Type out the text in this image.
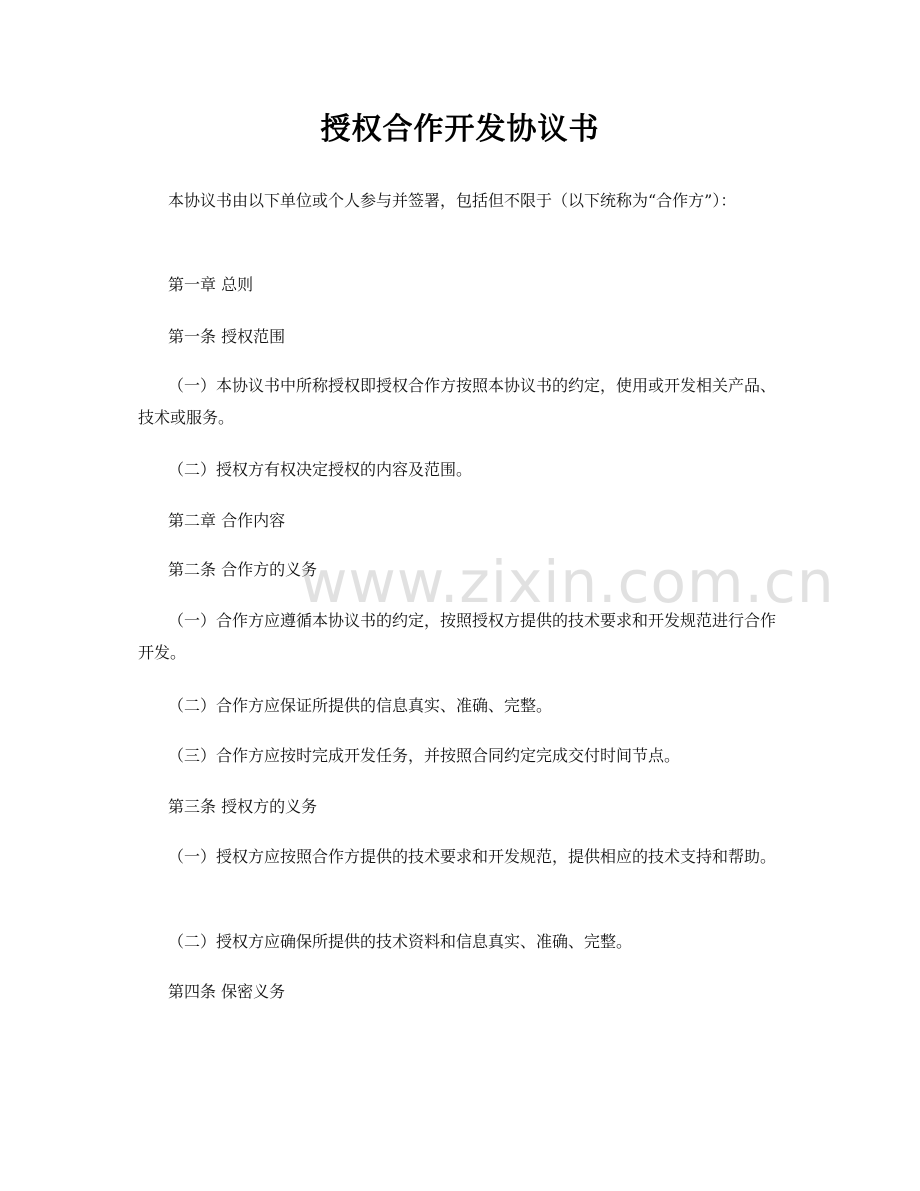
授权合作开发协议书

本协议书由以下单位或个人参与并签署，包括但不限于（以下统称为“合作方”）：

第一章 总则

第一条 授权范围

（一）本协议书中所称授权即授权合作方按照本协议书的约定，使用或开发相关产品、技术或服务。

（二）授权方有权决定授权的内容及范围。

第二章 合作内容

第二条 合作方的义务

（一）合作方应遵循本协议书的约定，按照授权方提供的技术要求和开发规范进行合作开发。

（二）合作方应保证所提供的信息真实、准确、完整。

（三）合作方应按时完成开发任务，并按照合同约定完成交付时间节点。

第三条 授权方的义务

（一）授权方应按照合作方提供的技术要求和开发规范，提供相应的技术支持和帮助。

（二）授权方应确保所提供的技术资料和信息真实、准确、完整。

第四条 保密义务

www.zixin.com.cn
